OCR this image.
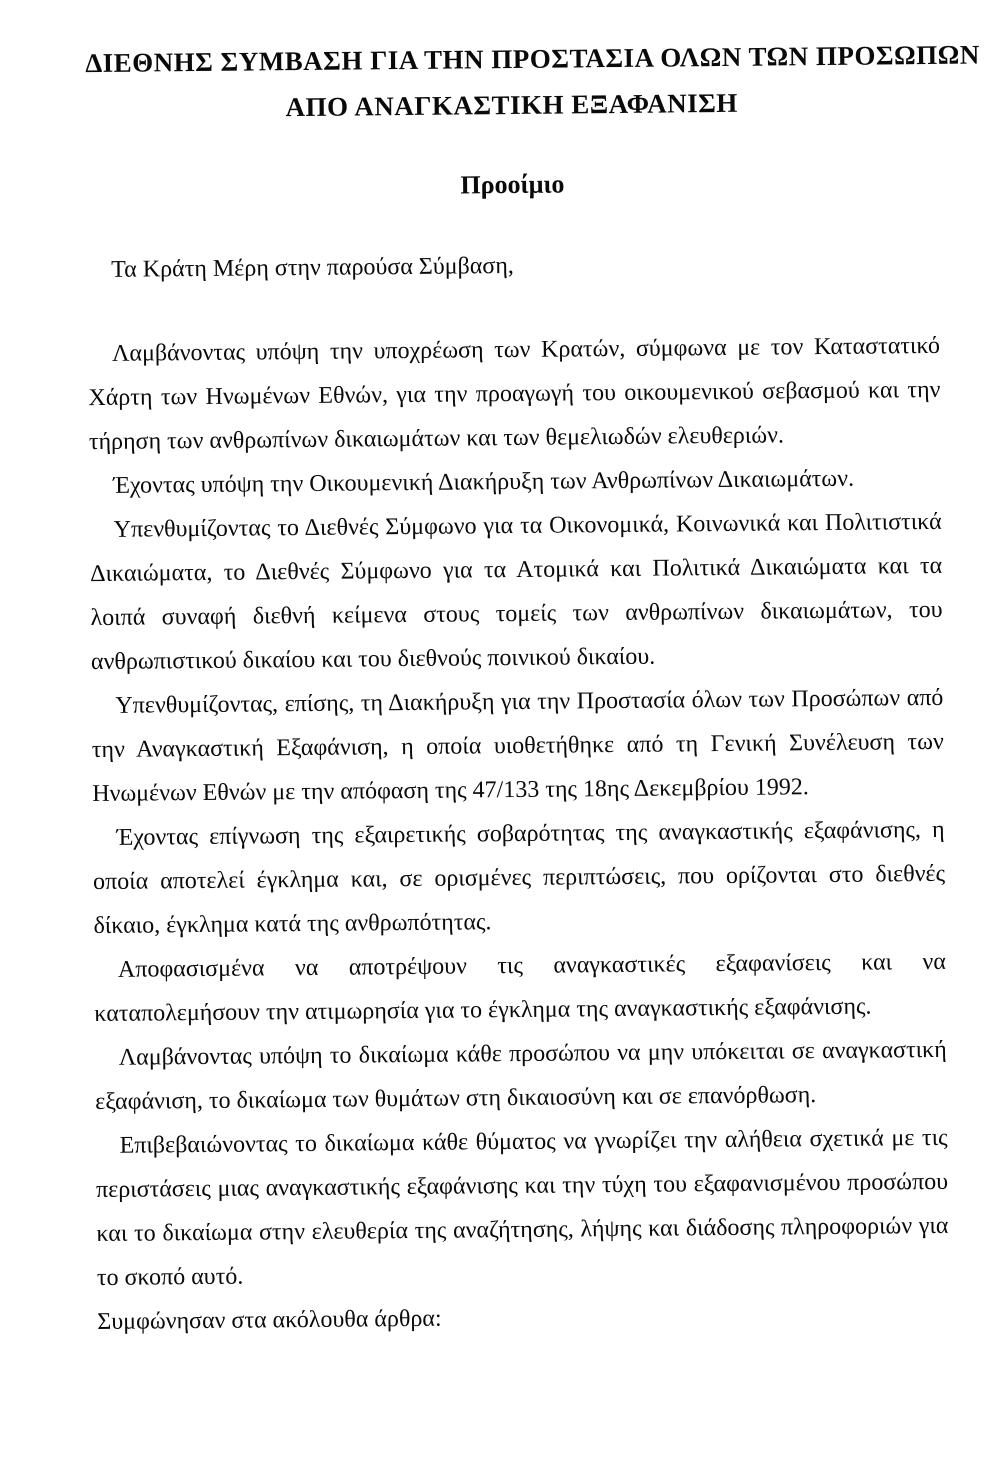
ΔΙΕΘΝΗΣ ΣΥΜΒΑΣΗ ΓΙΑ ΤΗΝ ΠΡΟΣΤΑΣΙΑ ΟΛΩΝ ΤΩΝ ΠΡΟΣΩΠΩΝ
ΑΠΟ ΑΝΑΓΚΑΣΤΙΚΗ ΕΞΑΦΑΝΙΣΗ
Προοίμιο

Τα Κράτη Μέρη στην παρούσα Σύμβαση,

Λαμβάνοντας υπόψη την υποχρέωση των Κρατών, σύμφωνα με τον Καταστατικό Χάρτη των Ηνωμένων Εθνών, για την προαγωγή του οικουμενικού σεβασμού και την τήρηση των ανθρωπίνων δικαιωμάτων και των θεμελιωδών ελευθεριών.

Έχοντας υπόψη την Οικουμενική Διακήρυξη των Ανθρωπίνων Δικαιωμάτων.

Υπενθυμίζοντας το Διεθνές Σύμφωνο για τα Οικονομικά, Κοινωνικά και Πολιτιστικά Δικαιώματα, το Διεθνές Σύμφωνο για τα Ατομικά και Πολιτικά Δικαιώματα και τα λοιπά συναφή διεθνή κείμενα στους τομείς των ανθρωπίνων δικαιωμάτων, του ανθρωπιστικού δικαίου και του διεθνούς ποινικού δικαίου.

Υπενθυμίζοντας, επίσης, τη Διακήρυξη για την Προστασία όλων των Προσώπων από την Αναγκαστική Εξαφάνιση, η οποία υιοθετήθηκε από τη Γενική Συνέλευση των Ηνωμένων Εθνών με την απόφαση της 47/133 της 18ης Δεκεμβρίου 1992.

Έχοντας επίγνωση της εξαιρετικής σοβαρότητας της αναγκαστικής εξαφάνισης, η οποία αποτελεί έγκλημα και, σε ορισμένες περιπτώσεις, που ορίζονται στο διεθνές δίκαιο, έγκλημα κατά της ανθρωπότητας.

Αποφασισμένα να αποτρέψουν τις αναγκαστικές εξαφανίσεις και να καταπολεμήσουν την ατιμωρησία για το έγκλημα της αναγκαστικής εξαφάνισης.

Λαμβάνοντας υπόψη το δικαίωμα κάθε προσώπου να μην υπόκειται σε αναγκαστική εξαφάνιση, το δικαίωμα των θυμάτων στη δικαιοσύνη και σε επανόρθωση.

Επιβεβαιώνοντας το δικαίωμα κάθε θύματος να γνωρίζει την αλήθεια σχετικά με τις περιστάσεις μιας αναγκαστικής εξαφάνισης και την τύχη του εξαφανισμένου προσώπου και το δικαίωμα στην ελευθερία της αναζήτησης, λήψης και διάδοσης πληροφοριών για το σκοπό αυτό.

Συμφώνησαν στα ακόλουθα άρθρα:
